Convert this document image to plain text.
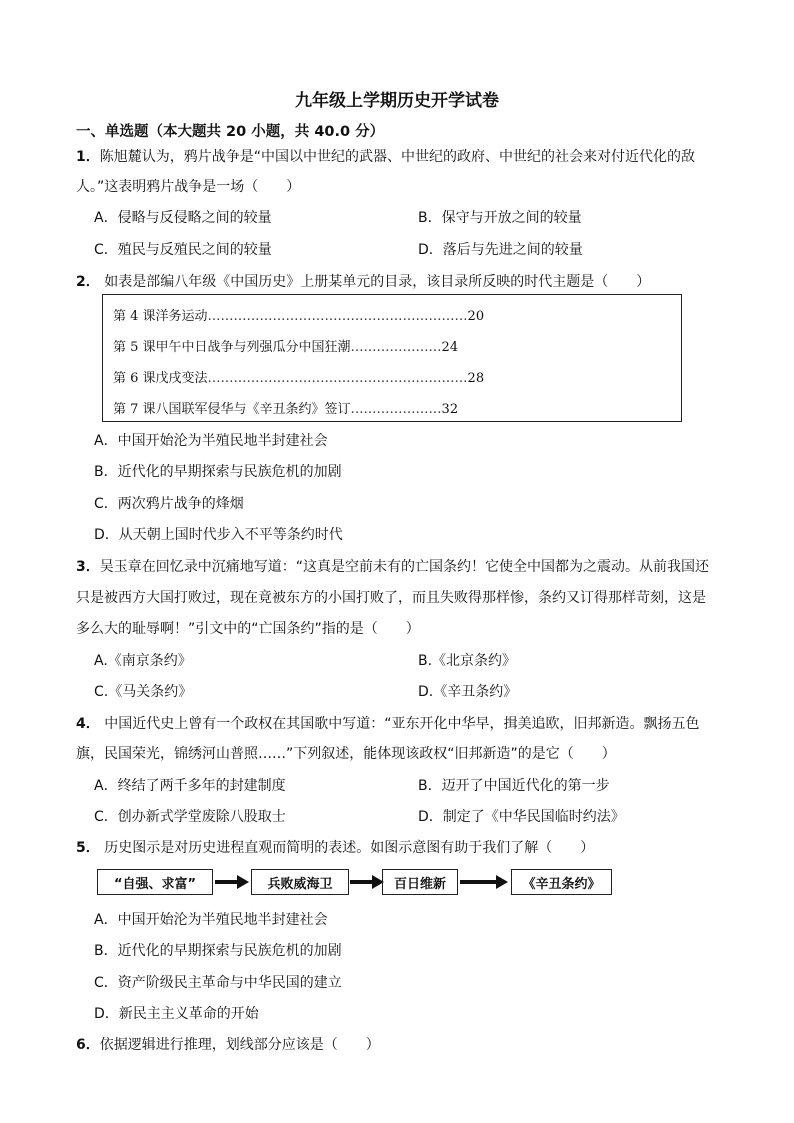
九年级上学期历史开学试卷
一、单选题（本大题共 20 小题，共 40.0 分）
1．陈旭麓认为，鸦片战争是“中国以中世纪的武器、中世纪的政府、中世纪的社会来对付近代化的敌
人。”这表明鸦片战争是一场（　　）
A．侵略与反侵略之间的较量	B．保守与开放之间的较量
C．殖民与反殖民之间的较量	D．落后与先进之间的较量
2． 如表是部编八年级《中国历史》上册某单元的目录，该目录所反映的时代主题是（　　）
第 4 课洋务运动……………………………………………………20
第 5 课甲午中日战争与列强瓜分中国狂潮…………………24
第 6 课戊戌变法……………………………………………………28
第 7 课八国联军侵华与《辛丑条约》签订…………………32
A．中国开始沦为半殖民地半封建社会
B．近代化的早期探索与民族危机的加剧
C．两次鸦片战争的烽烟
D．从天朝上国时代步入不平等条约时代
3．吴玉章在回忆录中沉痛地写道：“这真是空前未有的亡国条约！它使全中国都为之震动。从前我国还
只是被西方大国打败过，现在竟被东方的小国打败了，而且失败得那样惨，条约又订得那样苛刻，这是
多么大的耻辱啊！”引文中的“亡国条约”指的是（　　）
A.《南京条约》	B.《北京条约》
C.《马关条约》	D.《辛丑条约》
4． 中国近代史上曾有一个政权在其国歌中写道：“亚东开化中华早，揖美追欧，旧邦新造。飘扬五色
旗，民国荣光，锦绣河山普照……”下列叙述，能体现该政权“旧邦新造”的是它（　　）
A．终结了两千多年的封建制度	B．迈开了中国近代化的第一步
C．创办新式学堂废除八股取士	D．制定了《中华民国临时约法》
5． 历史图示是对历史进程直观而简明的表述。如图示意图有助于我们了解（　　）
“自强、求富”	兵败威海卫	百日维新	《辛丑条约》
A．中国开始沦为半殖民地半封建社会
B．近代化的早期探索与民族危机的加剧
C．资产阶级民主革命与中华民国的建立
D．新民主主义革命的开始
6．依据逻辑进行推理，划线部分应该是（　　）
